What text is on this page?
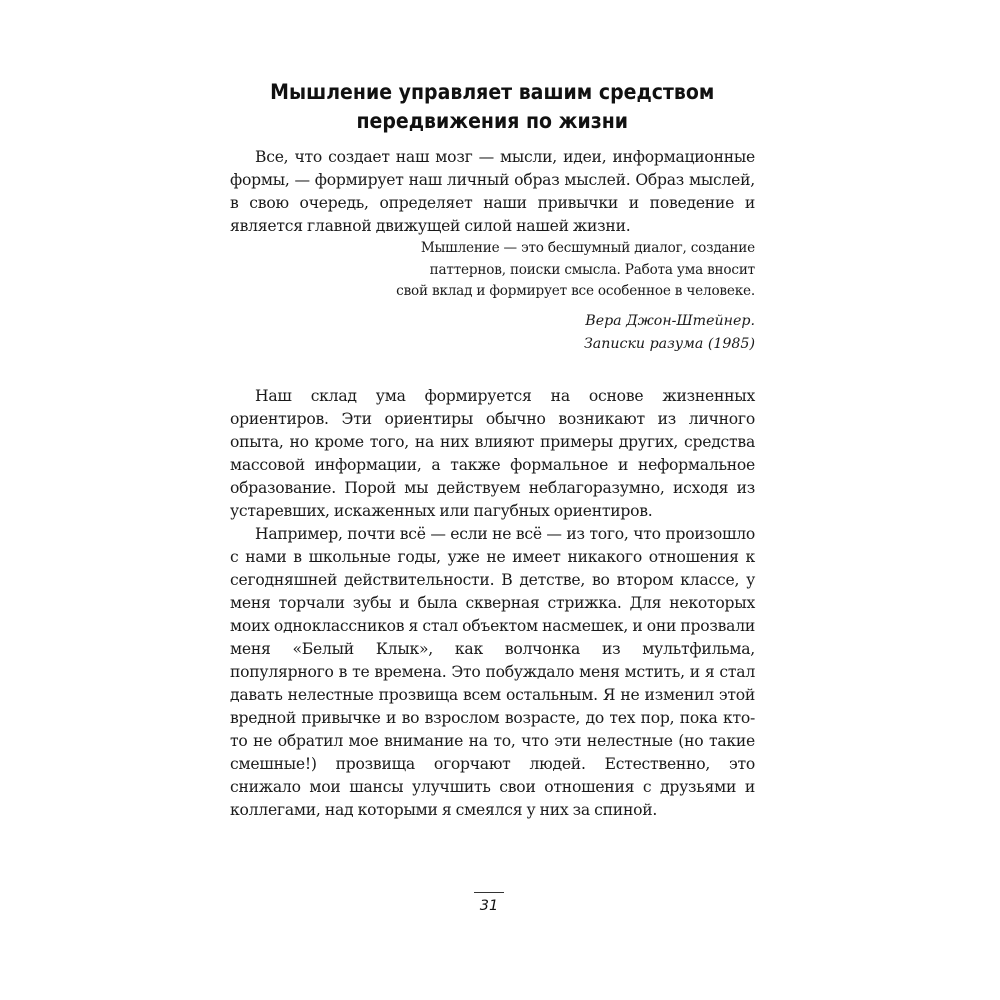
Мышление управляет вашим средством
передвижения по жизни

Все, что создает наш мозг — мысли, идеи, информационные формы, — формирует наш личный образ мыслей. Образ мыслей, в свою очередь, определяет наши привычки и поведение и является главной движущей силой нашей жизни.

Мышление — это бесшумный диалог, создание
паттернов, поиски смысла. Работа ума вносит
свой вклад и формирует все особенное в человеке.
Вера Джон-Штейнер.
Записки разума (1985)

Наш склад ума формируется на основе жизненных ориентиров. Эти ориентиры обычно возникают из личного опыта, но кроме того, на них влияют примеры других, средства массовой информации, а также формальное и неформальное образование. Порой мы действуем неблагоразумно, исходя из устаревших, искаженных или пагубных ориентиров.

Например, почти всё — если не всё — из того, что произошло с нами в школьные годы, уже не имеет никакого отношения к сегодняшней действительности. В детстве, во втором классе, у меня торчали зубы и была скверная стрижка. Для некоторых моих одноклассников я стал объектом насмешек, и они прозвали меня «Белый Клык», как волчонка из мультфильма, популярного в те времена. Это побуждало меня мстить, и я стал давать нелестные прозвища всем остальным. Я не изменил этой вредной привычке и во взрослом возрасте, до тех пор, пока кто-то не обратил мое внимание на то, что эти нелестные (но такие смешные!) прозвища огорчают людей. Естественно, это снижало мои шансы улучшить свои отношения с друзьями и коллегами, над которыми я смеялся у них за спиной.

31
